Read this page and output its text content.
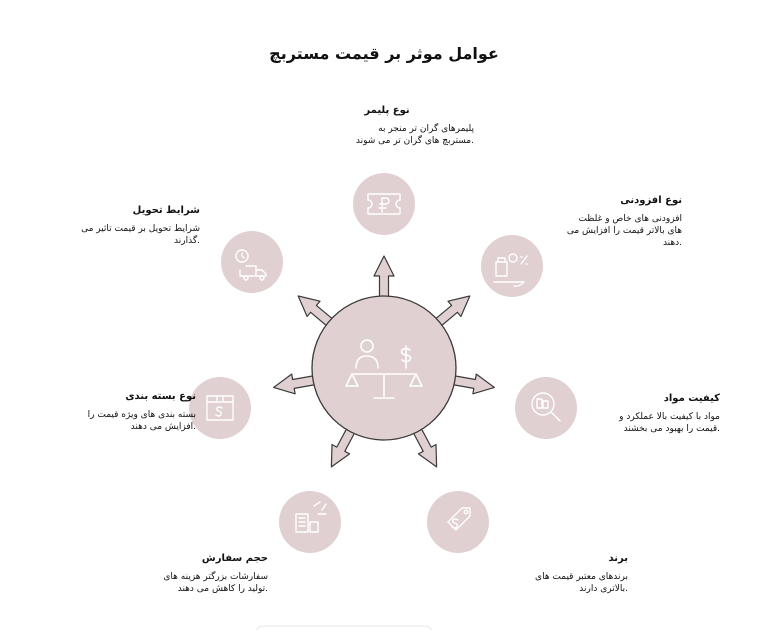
عوامل موثر بر قیمت مستربچ
نوع پلیمر
پلیمرهای گران تر منجر به
.مستربچ های گران تر می شوند
نوع افزودنی
افزودنی های خاص و غلظت
های بالاتر قیمت را افزایش می
.دهند
کیفیت مواد
مواد با کیفیت بالا عملکرد و
.قیمت را بهبود می بخشند
برند
برندهای معتبر قیمت های
.بالاتری دارند
حجم سفارش
سفارشات بزرگتر هزینه های
.تولید را کاهش می دهند
نوع بسته بندی
بسته بندی های ویژه قیمت را
.افزایش می دهند
شرایط تحویل
شرایط تحویل بر قیمت تاثیر می
.گذارند
